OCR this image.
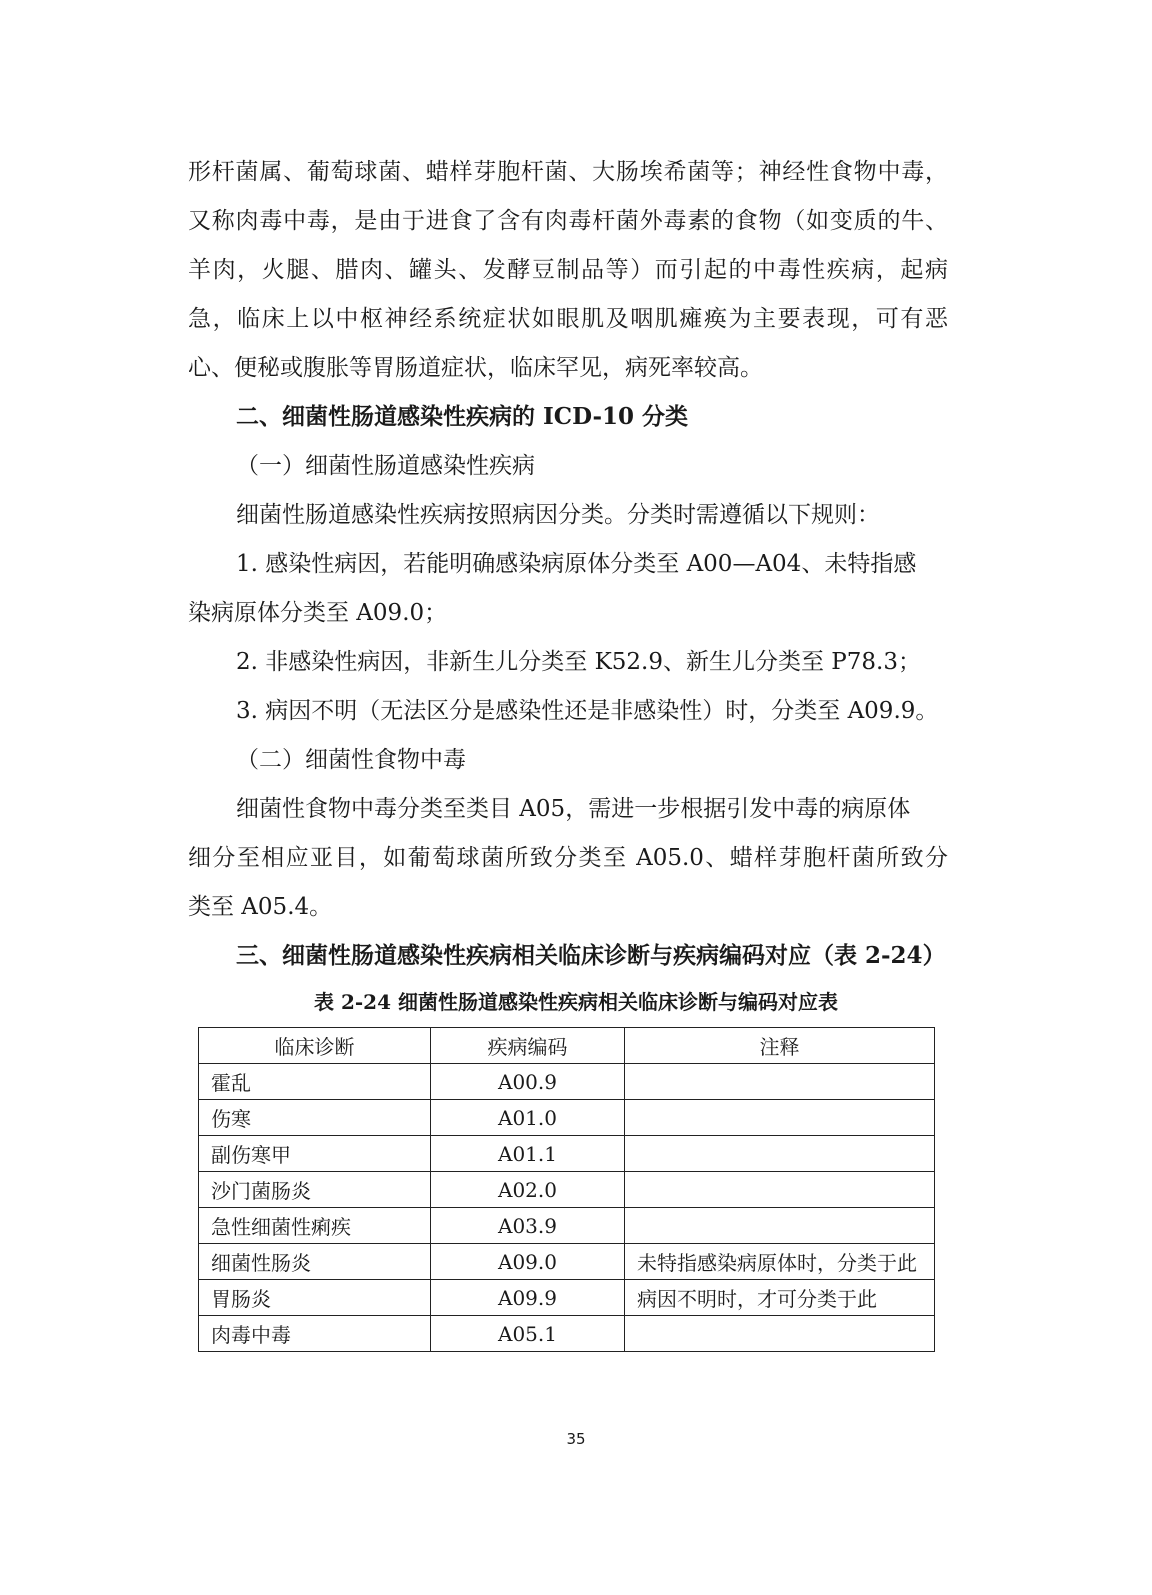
形杆菌属、葡萄球菌、蜡样芽胞杆菌、大肠埃希菌等；神经性食物中毒，
又称肉毒中毒，是由于进食了含有肉毒杆菌外毒素的食物（如变质的牛、
羊肉，火腿、腊肉、罐头、发酵豆制品等）而引起的中毒性疾病，起病
急，临床上以中枢神经系统症状如眼肌及咽肌瘫痪为主要表现，可有恶
心、便秘或腹胀等胃肠道症状，临床罕见，病死率较高。
二、细菌性肠道感染性疾病的 ICD-10 分类
（一）细菌性肠道感染性疾病
细菌性肠道感染性疾病按照病因分类。分类时需遵循以下规则：
1. 感染性病因，若能明确感染病原体分类至 A00—A04、未特指感
染病原体分类至 A09.0；
2. 非感染性病因，非新生儿分类至 K52.9、新生儿分类至 P78.3；
3. 病因不明（无法区分是感染性还是非感染性）时，分类至 A09.9。
（二）细菌性食物中毒
细菌性食物中毒分类至类目 A05，需进一步根据引发中毒的病原体
细分至相应亚目，如葡萄球菌所致分类至 A05.0、蜡样芽胞杆菌所致分
类至 A05.4。
三、细菌性肠道感染性疾病相关临床诊断与疾病编码对应（表 2-24）
表 2-24 细菌性肠道感染性疾病相关临床诊断与编码对应表
临床诊断	疾病编码	注释
霍乱	A00.9	
伤寒	A01.0	
副伤寒甲	A01.1	
沙门菌肠炎	A02.0	
急性细菌性痢疾	A03.9	
细菌性肠炎	A09.0	未特指感染病原体时，分类于此
胃肠炎	A09.9	病因不明时，才可分类于此
肉毒中毒	A05.1	
35
